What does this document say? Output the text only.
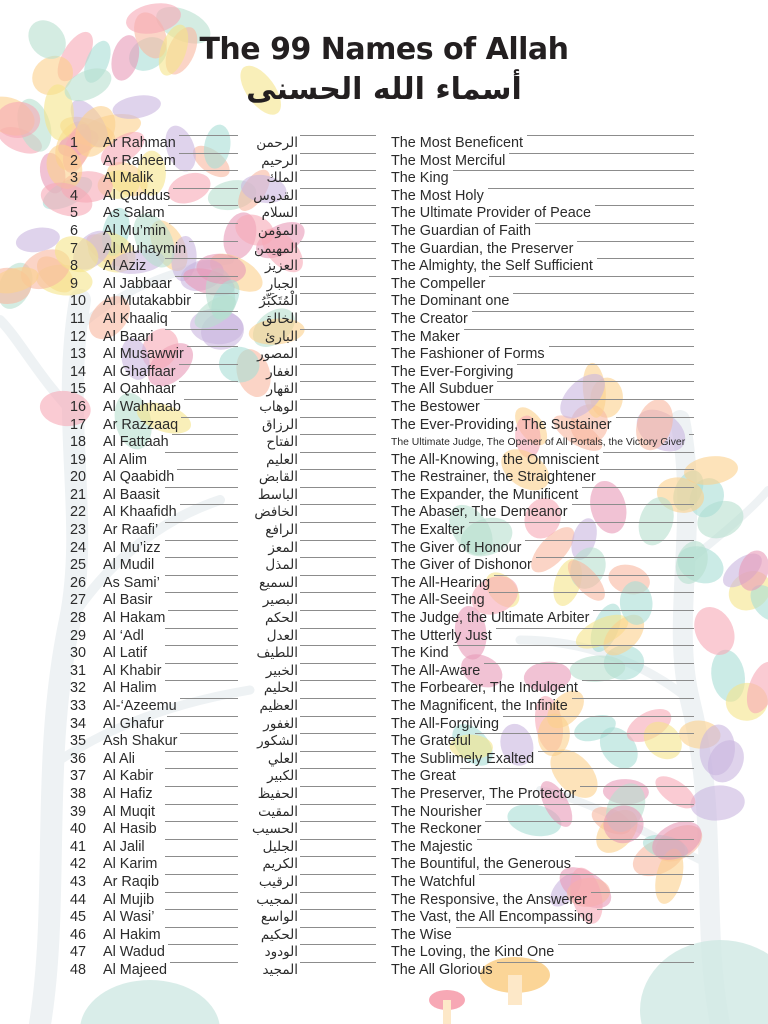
The 99 Names of Allah
أسماء الله الحسنى
1	Ar Rahman	الرحمن	The Most Beneficent
2	Ar Raheem	الرحيم	The Most Merciful
3	Al Malik	الملك	The King
4	Al Quddus	القدوس	The Most Holy
5	As Salam	السلام	The Ultimate Provider of Peace
6	Al Mu’min	المؤمن	The Guardian of Faith
7	Al Muhaymin	المهيمن	The Guardian, the Preserver
8	Al Aziz	العزيز	The Almighty, the Self Sufficient
9	Al Jabbaar	الجبار	The Compeller
10	Al Mutakabbir	الْمُتَكَبِّرُ	The Dominant one
11	Al Khaaliq	الخالق	The Creator
12	Al Baari	البارئ	The Maker
13	Al Musawwir	المصور	The Fashioner of Forms
14	Al Ghaffaar	الغفار	The Ever-Forgiving
15	Al Qahhaar	القهار	The All Subduer
16	Al Wahhaab	الوهاب	The Bestower
17	Ar Razzaaq	الرزاق	The Ever-Providing, The Sustainer
18	Al Fattaah	الفتاح	The Ultimate Judge, The Opener of All Portals, the Victory Giver
19	Al Alim	العليم	The All-Knowing, the Omniscient
20	Al Qaabidh	القابض	The Restrainer, the Straightener
21	Al Baasit	الباسط	The Expander, the Munificent
22	Al Khaafidh	الخافض	The Abaser, The Demeanor
23	Ar Raafi’	الرافع	The Exalter
24	Al Mu’izz	المعز	The Giver of Honour
25	Al Mudil	المذل	The Giver of Dishonor
26	As Sami’	السميع	The All-Hearing
27	Al Basir	البصير	The All-Seeing
28	Al Hakam	الحكم	The Judge, the Ultimate Arbiter
29	Al ‘Adl	العدل	The Utterly Just
30	Al Latif	اللطيف	The Kind
31	Al Khabir	الخبير	The All-Aware
32	Al Halim	الحليم	The Forbearer, The Indulgent
33	Al-‘Azeemu	العظيم	The Magnificent, the Infinite
34	Al Ghafur	الغفور	The All-Forgiving
35	Ash Shakur	الشكور	The Grateful
36	Al Ali	العلي	The Sublimely Exalted
37	Al Kabir	الكبير	The Great
38	Al Hafiz	الحفيظ	The Preserver, The Protector
39	Al Muqit	المقيت	The Nourisher
40	Al Hasib	الحسيب	The Reckoner
41	Al Jalil	الجليل	The Majestic
42	Al Karim	الكريم	The Bountiful, the Generous
43	Ar Raqib	الرقيب	The Watchful
44	Al Mujib	المجيب	The Responsive, the Answerer
45	Al Wasi’	الواسع	The Vast, the All Encompassing
46	Al Hakim	الحكيم	The Wise
47	Al Wadud	الودود	The Loving, the Kind One
48	Al Majeed	المجيد	The All Glorious
